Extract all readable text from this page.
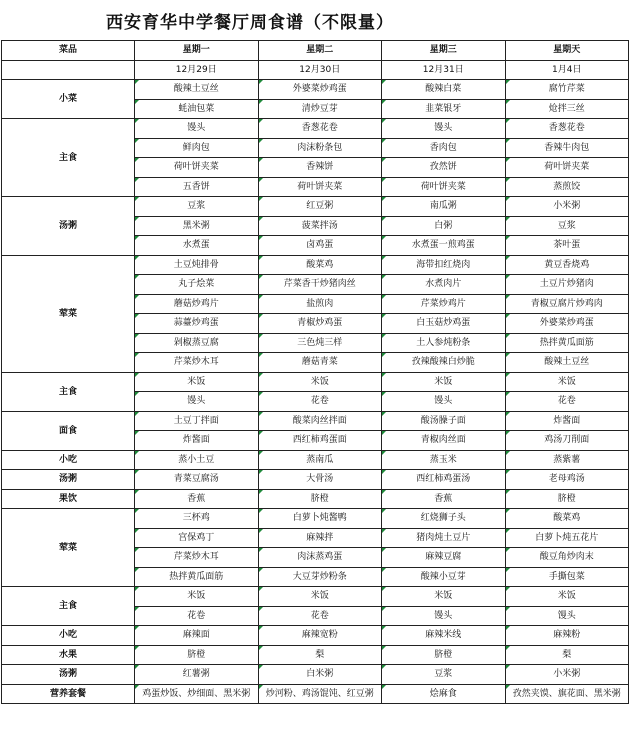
西安育华中学餐厅周食谱（不限量）
菜品	星期一	星期二	星期三	星期天
	12月29日	12月30日	12月31日	1月4日
小菜	酸辣土豆丝	外婆菜炒鸡蛋	酸辣白菜	腐竹芹菜
	蚝油包菜	清炒豆芽	韭菜银牙	炝拌三丝
主食	馒头	香葱花卷	馒头	香葱花卷
	鲜肉包	肉沫粉条包	香肉包	香辣牛肉包
	荷叶饼夹菜	香辣饼	孜然饼	荷叶饼夹菜
	五香饼	荷叶饼夹菜	荷叶饼夹菜	蒸煎饺
汤粥	豆浆	红豆粥	南瓜粥	小米粥
	黑米粥	菠菜拌汤	白粥	豆浆
	水煮蛋	卤鸡蛋	水煮蛋一煎鸡蛋	茶叶蛋
荤菜	土豆炖排骨	酸菜鸡	海带扣红烧肉	黄豆香烧鸡
	丸子烩菜	芹菜香干炒猪肉丝	水煮肉片	土豆片炒猪肉
	蘑菇炒鸡片	盐煎肉	芹菜炒鸡片	青椒豆腐片炒鸡肉
	蒜薹炒鸡蛋	青椒炒鸡蛋	白玉菇炒鸡蛋	外婆菜炒鸡蛋
	剁椒蒸豆腐	三色炖三样	土人参炖粉条	热拌黄瓜面筋
	芹菜炒木耳	蘑菇青菜	孜辣酸辣白炒脆	酸辣土豆丝
主食	米饭	米饭	米饭	米饭
	馒头	花卷	馒头	花卷
面食	土豆丁拌面	酸菜肉丝拌面	酸汤臊子面	炸酱面
	炸酱面	西红柿鸡蛋面	青椒肉丝面	鸡汤刀削面
小吃	蒸小土豆	蒸南瓜	蒸玉米	蒸紫薯
汤粥	青菜豆腐汤	大骨汤	西红柿鸡蛋汤	老母鸡汤
果饮	香蕉	脐橙	香蕉	脐橙
荤菜	三杯鸡	白萝卜炖酱鸭	红烧狮子头	酸菜鸡
	宫保鸡丁	麻辣拌	猪肉炖土豆片	白萝卜炖五花片
	芹菜炒木耳	肉沫蒸鸡蛋	麻辣豆腐	酸豆角炒肉末
	热拌黄瓜面筋	大豆芽炒粉条	酸辣小豆芽	手撕包菜
主食	米饭	米饭	米饭	米饭
	花卷	花卷	馒头	馒头
小吃	麻辣面	麻辣宽粉	麻辣米线	麻辣粉
水果	脐橙	梨	脐橙	梨
汤粥	红薯粥	白米粥	豆浆	小米粥
营养套餐	鸡蛋炒饭、炒细面、黑米粥	炒河粉、鸡汤馄饨、红豆粥	烩麻食	孜然夹馍、旗花面、黑米粥
